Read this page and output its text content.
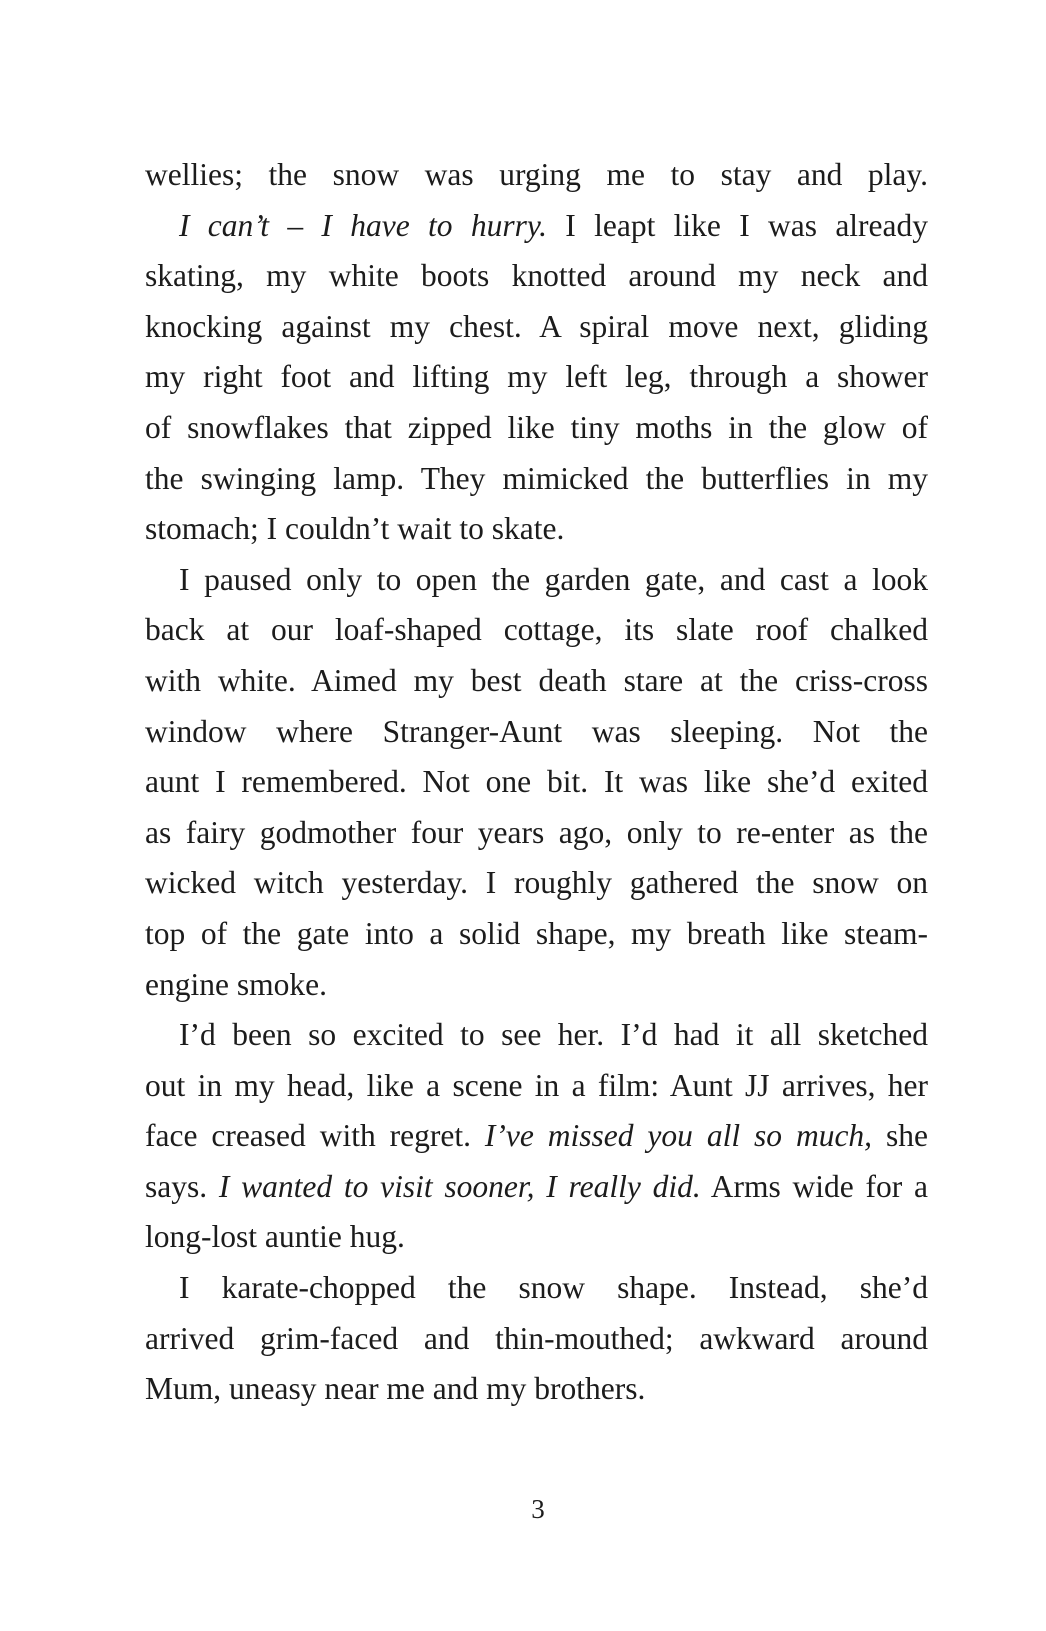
wellies; the snow was urging me to stay and play.
I can’t – I have to hurry. I leapt like I was already
skating, my white boots knotted around my neck and
knocking against my chest. A spiral move next, gliding
my right foot and lifting my left leg, through a shower
of snowflakes that zipped like tiny moths in the glow of
the swinging lamp. They mimicked the butterflies in my
stomach; I couldn’t wait to skate.
I paused only to open the garden gate, and cast a look
back at our loaf-shaped cottage, its slate roof chalked
with white. Aimed my best death stare at the criss-cross
window where Stranger-Aunt was sleeping. Not the
aunt I remembered. Not one bit. It was like she’d exited
as fairy godmother four years ago, only to re-enter as the
wicked witch yesterday. I roughly gathered the snow on
top of the gate into a solid shape, my breath like steam-
engine smoke.
I’d been so excited to see her. I’d had it all sketched
out in my head, like a scene in a film: Aunt JJ arrives, her
face creased with regret. I’ve missed you all so much, she
says. I wanted to visit sooner, I really did. Arms wide for a
long-lost auntie hug.
I karate-chopped the snow shape. Instead, she’d
arrived grim-faced and thin-mouthed; awkward around
Mum, uneasy near me and my brothers.
3
